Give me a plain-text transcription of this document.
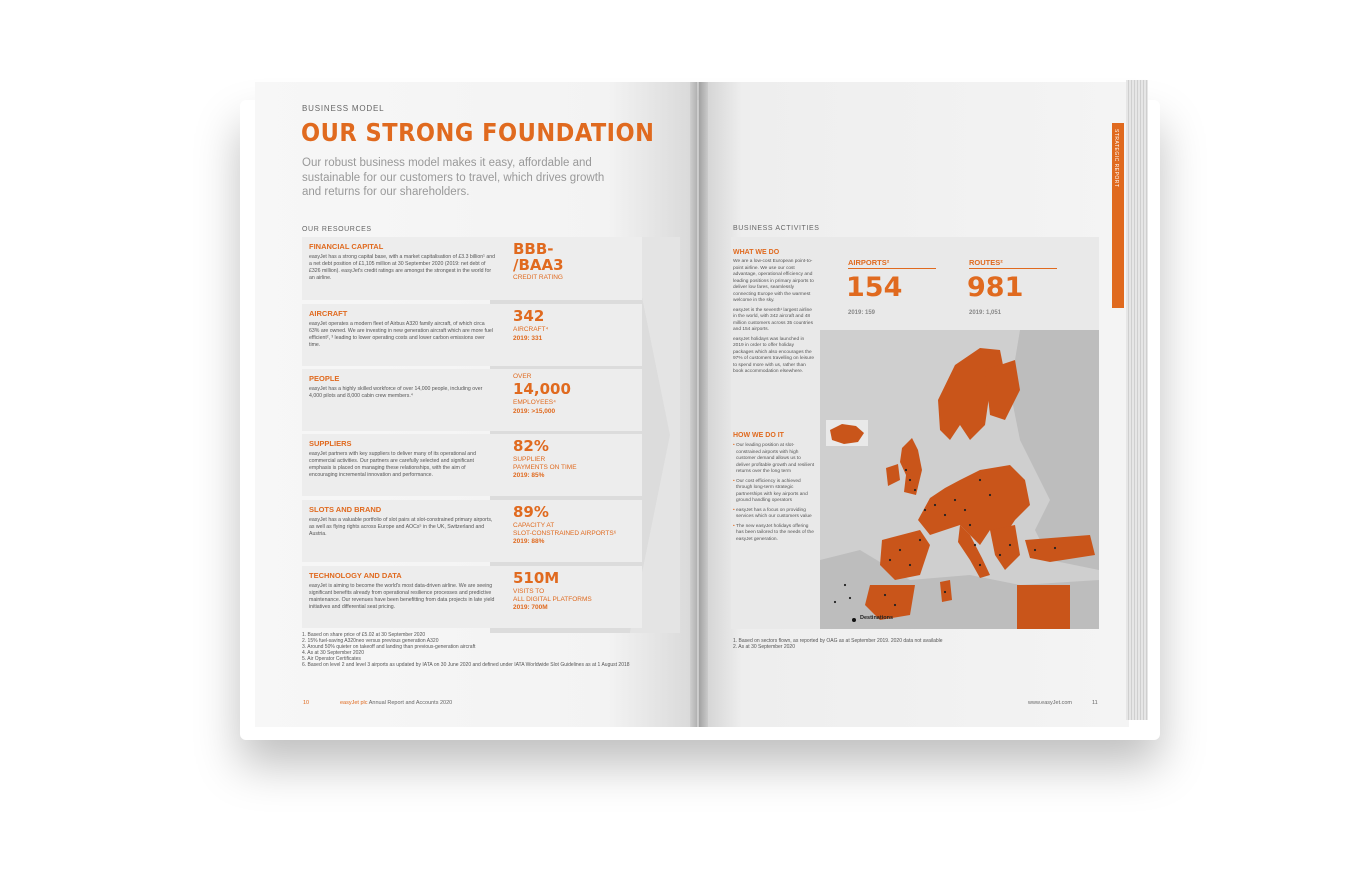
BUSINESS MODEL
OUR STRONG FOUNDATION
Our robust business model makes it easy, affordable and sustainable for our customers to travel, which drives growth and returns for our shareholders.
OUR RESOURCES
FINANCIAL CAPITAL
easyJet has a strong capital base, with a market capitalisation of £3.3 billion¹ and a net debt position of £1,105 million at 30 September 2020 (2019: net debt of £326 million). easyJet's credit ratings are amongst the strongest in the world for an airline.
BBB-
/BAA3
CREDIT RATING
AIRCRAFT
easyJet operates a modern fleet of Airbus A320 family aircraft, of which circa 63% are owned. We are investing in new generation aircraft which are more fuel efficient², ³ leading to lower operating costs and lower carbon emissions over time.
342
AIRCRAFT⁴
2019: 331
PEOPLE
easyJet has a highly skilled workforce of over 14,000 people, including over 4,000 pilots and 8,000 cabin crew members.⁴
OVER
14,000
EMPLOYEES⁴
2019: >15,000
SUPPLIERS
easyJet partners with key suppliers to deliver many of its operational and commercial activities. Our partners are carefully selected and significant emphasis is placed on managing these relationships, with the aim of encouraging incremental innovation and performance.
82%
SUPPLIER
PAYMENTS ON TIME
2019: 85%
SLOTS AND BRAND
easyJet has a valuable portfolio of slot pairs at slot-constrained primary airports, as well as flying rights across Europe and AOCs⁵ in the UK, Switzerland and Austria.
89%
CAPACITY AT
SLOT-CONSTRAINED AIRPORTS⁶
2019: 88%
TECHNOLOGY AND DATA
easyJet is aiming to become the world's most data-driven airline. We are seeing significant benefits already from operational resilience processes and predictive maintenance. Our revenues have been benefitting from data projects in late yield initiatives and differential seat pricing.
510M
VISITS TO
ALL DIGITAL PLATFORMS
2019: 700M
1. Based on share price of £5.02 at 30 September 2020
2. 15% fuel-saving A320neo versus previous generation A320
3. Around 50% quieter on takeoff and landing than previous-generation aircraft
4. As at 30 September 2020
5. Air Operator Certificates
6. Based on level 2 and level 3 airports as updated by IATA on 30 June 2020 and defined under IATA Worldwide Slot Guidelines as at 1 August 2018
10	easyJet plc Annual Report and Accounts 2020
STRATEGIC REPORT
BUSINESS ACTIVITIES
WHAT WE DO
We are a low-cost European point-to-point airline. We use our cost advantage, operational efficiency and leading positions in primary airports to deliver low fares, seamlessly connecting Europe with the warmest welcome in the sky.
easyJet is the seventh¹ largest airline in the world, with 342 aircraft and 48 million customers across 35 countries and 154 airports.
easyJet holidays was launched in 2019 in order to offer holiday packages which also encourages the 97% of customers travelling on leisure to spend more with us, rather than book accommodation elsewhere.
HOW WE DO IT
• Our leading position at slot-constrained airports with high customer demand allows us to deliver profitable growth and resilient returns over the long term
• Our cost efficiency is achieved through long-term strategic partnerships with key airports and ground handling operators
• easyJet has a focus on providing services which our customers value
• The new easyJet holidays offering has been tailored to the needs of the easyJet generation.
AIRPORTS²
154
2019: 159
ROUTES²
981
2019: 1,051
Destinations
1. Based on sectors flown, as reported by OAG as at September 2019. 2020 data not available
2. As at 30 September 2020
www.easyJet.com	11
